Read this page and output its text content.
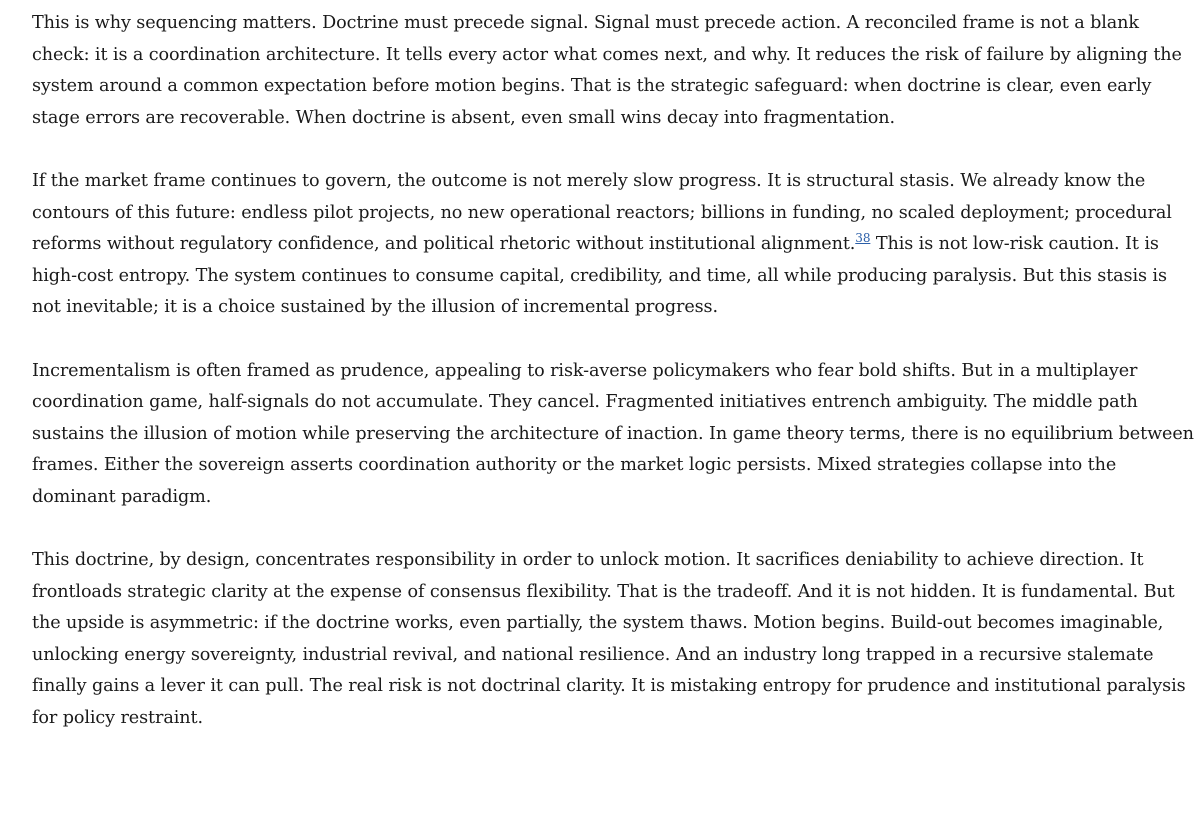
This is why sequencing matters. Doctrine must precede signal. Signal must precede action. A reconciled frame is not a blank check: it is a coordination architecture. It tells every actor what comes next, and why. It reduces the risk of failure by aligning the system around a common expectation before motion begins. That is the strategic safeguard: when doctrine is clear, even early stage errors are recoverable. When doctrine is absent, even small wins decay into fragmentation.

If the market frame continues to govern, the outcome is not merely slow progress. It is structural stasis. We already know the contours of this future: endless pilot projects, no new operational reactors; billions in funding, no scaled deployment; procedural reforms without regulatory confidence, and political rhetoric without institutional alignment.$^{38}$ This is not low-risk caution. It is high-cost entropy. The system continues to consume capital, credibility, and time, all while producing paralysis. But this stasis is not inevitable; it is a choice sustained by the illusion of incremental progress.

Incrementalism is often framed as prudence, appealing to risk-averse policymakers who fear bold shifts. But in a multiplayer coordination game, half-signals do not accumulate. They cancel. Fragmented initiatives entrench ambiguity. The middle path sustains the illusion of motion while preserving the architecture of inaction. In game theory terms, there is no equilibrium between frames. Either the sovereign asserts coordination authority or the market logic persists. Mixed strategies collapse into the dominant paradigm.

This doctrine, by design, concentrates responsibility in order to unlock motion. It sacrifices deniability to achieve direction. It frontloads strategic clarity at the expense of consensus flexibility. That is the tradeoff. And it is not hidden. It is fundamental. But the upside is asymmetric: if the doctrine works, even partially, the system thaws. Motion begins. Build-out becomes imaginable, unlocking energy sovereignty, industrial revival, and national resilience. And an industry long trapped in a recursive stalemate finally gains a lever it can pull. The real risk is not doctrinal clarity. It is mistaking entropy for prudence and institutional paralysis for policy restraint.
